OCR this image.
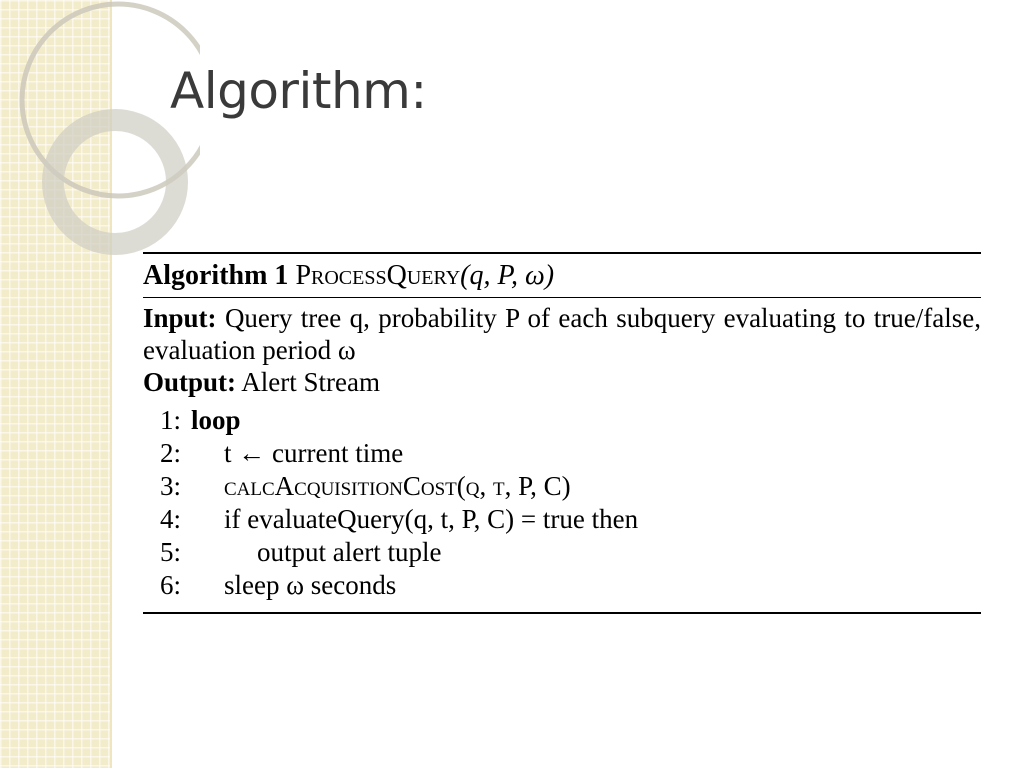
Algorithm:
Algorithm 1 ProcessQuery(q, P, ω)
Input: Query tree q, probability P of each subquery evaluating to true/false, evaluation period ω
Output: Alert Stream
1: loop
2:	t ← current time
3:	calcAcquisitionCost(q, t, P, C)
4:	if evaluateQuery(q, t, P, C) = true then
5:	output alert tuple
6:	sleep ω seconds
